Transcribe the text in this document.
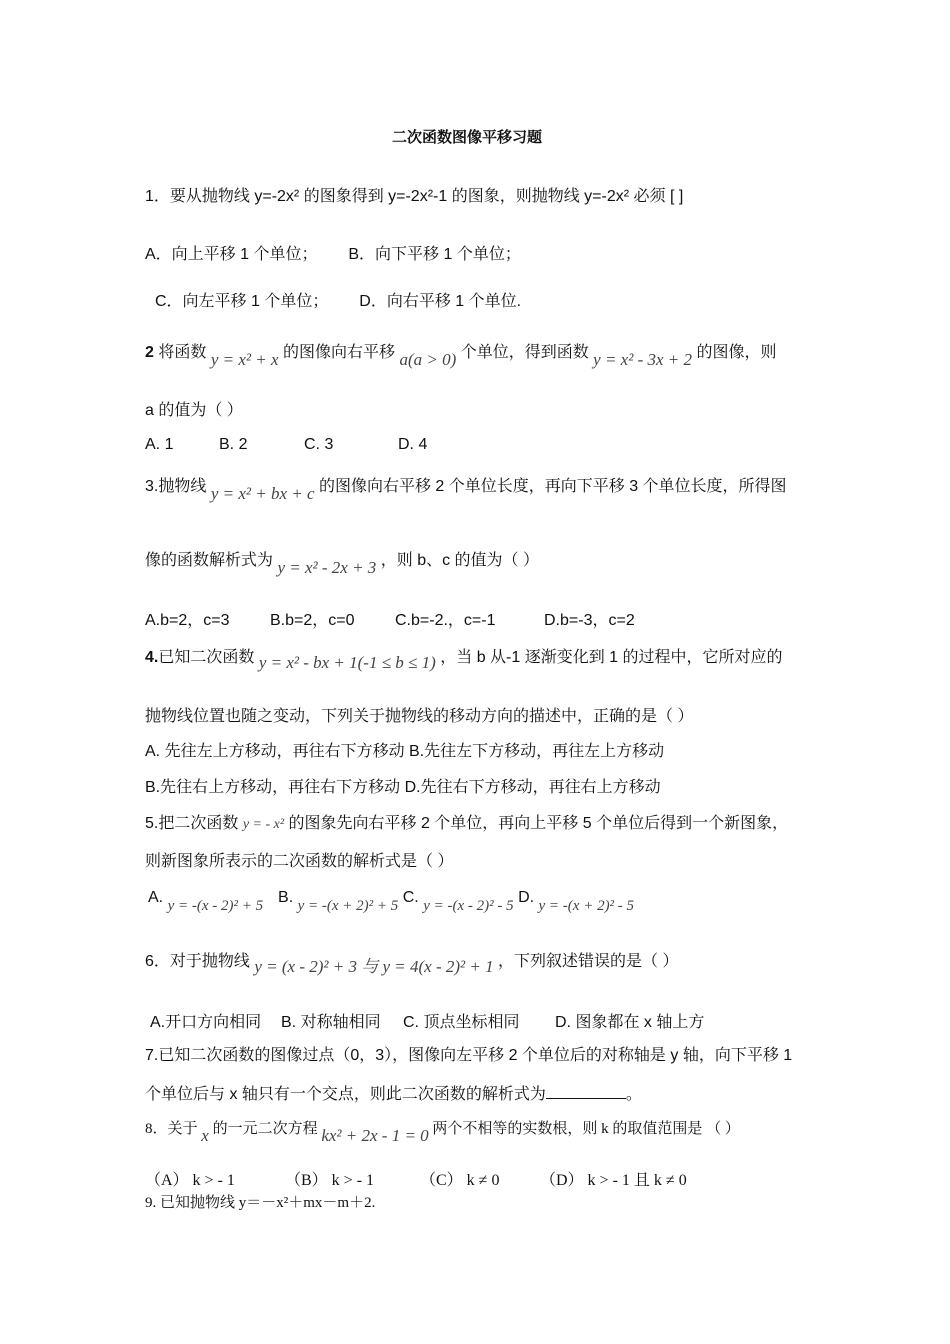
二次函数图像平移习题
1．要从抛物线 y=-2x² 的图象得到 y=-2x²-1 的图象，则抛物线 y=-2x² 必须 [ ]
A．向上平移 1 个单位； B．向下平移 1 个单位；
C．向左平移 1 个单位； D．向右平移 1 个单位.
2 将函数 y = x² + x 的图像向右平移 a(a > 0) 个单位，得到函数 y = x² - 3x + 2 的图像，则
a 的值为（ ）
A. 1	B. 2	C. 3	D. 4
3.抛物线 y = x² + bx + c 的图像向右平移 2 个单位长度，再向下平移 3 个单位长度，所得图
像的函数解析式为 y = x² - 2x + 3 ，则 b、c 的值为（ ）
A.b=2，c=3	B.b=2，c=0	C.b=-2.，c=-1	D.b=-3，c=2
4.已知二次函数 y = x² - bx + 1(-1 ≤ b ≤ 1) ，当 b 从-1 逐渐变化到 1 的过程中，它所对应的
抛物线位置也随之变动，下列关于抛物线的移动方向的描述中，正确的是（ ）
A. 先往左上方移动，再往右下方移动 B.先往左下方移动，再往左上方移动
B.先往右上方移动，再往右下方移动 D.先往右下方移动，再往右上方移动
5.把二次函数 y = - x² 的图象先向右平移 2 个单位，再向上平移 5 个单位后得到一个新图象，
则新图象所表示的二次函数的解析式是（ ）
A. y = -(x - 2)² + 5 B. y = -(x + 2)² + 5 C. y = -(x - 2)² - 5 D. y = -(x + 2)² - 5
6．对于抛物线 y = (x - 2)² + 3 与 y = 4(x - 2)² + 1 ，下列叙述错误的是（ ）
A.开口方向相同 B. 对称轴相同 C. 顶点坐标相同 D. 图象都在 x 轴上方
7.已知二次函数的图像过点（0，3），图像向左平移 2 个单位后的对称轴是 y 轴，向下平移 1
个单位后与 x 轴只有一个交点，则此二次函数的解析式为	。
8．关于 x 的一元二次方程 kx² + 2x - 1 = 0 两个不相等的实数根，则 k 的取值范围是 （ ）
（A） k > - 1	（B） k > - 1	（C） k ≠ 0	（D） k > - 1 且 k ≠ 0
9. 已知抛物线 y＝－x²＋mx－m＋2.
